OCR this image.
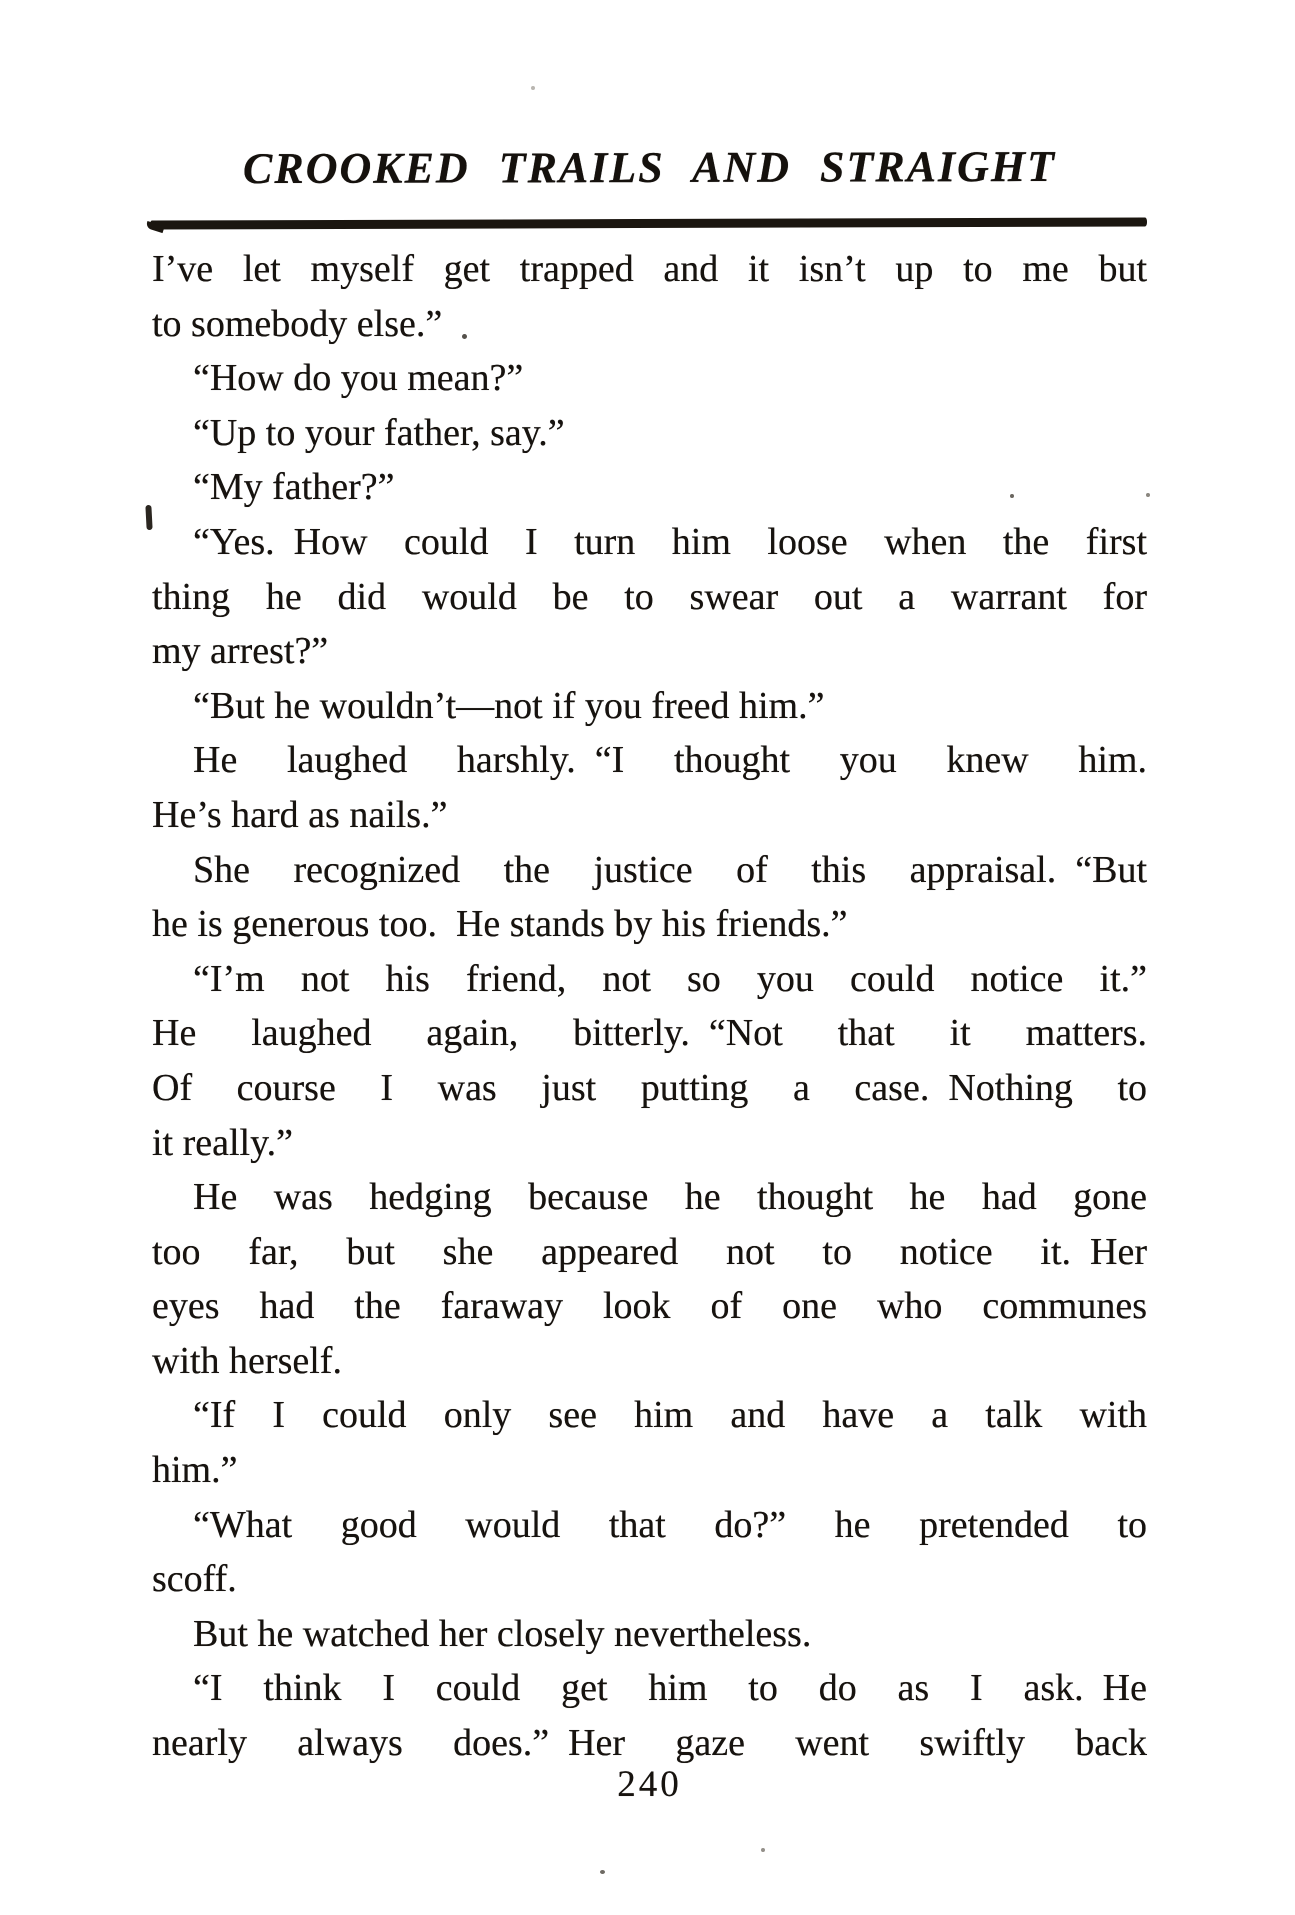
CROOKED TRAILS AND STRAIGHT
I’ve let myself get trapped and it isn’t up to me but
to somebody else.”
“How do you mean?”
“Up to your father, say.”
“My father?”
“Yes. How could I turn him loose when the first
thing he did would be to swear out a warrant for
my arrest?”
“But he wouldn’t—not if you freed him.”
He laughed harshly. “I thought you knew him.
He’s hard as nails.”
She recognized the justice of this appraisal. “But
he is generous too. He stands by his friends.”
“I’m not his friend, not so you could notice it.”
He laughed again, bitterly. “Not that it matters.
Of course I was just putting a case. Nothing to
it really.”
He was hedging because he thought he had gone
too far, but she appeared not to notice it. Her
eyes had the faraway look of one who communes
with herself.
“If I could only see him and have a talk with
him.”
“What good would that do?” he pretended to
scoff.
But he watched her closely nevertheless.
“I think I could get him to do as I ask. He
nearly always does.” Her gaze went swiftly back
240
